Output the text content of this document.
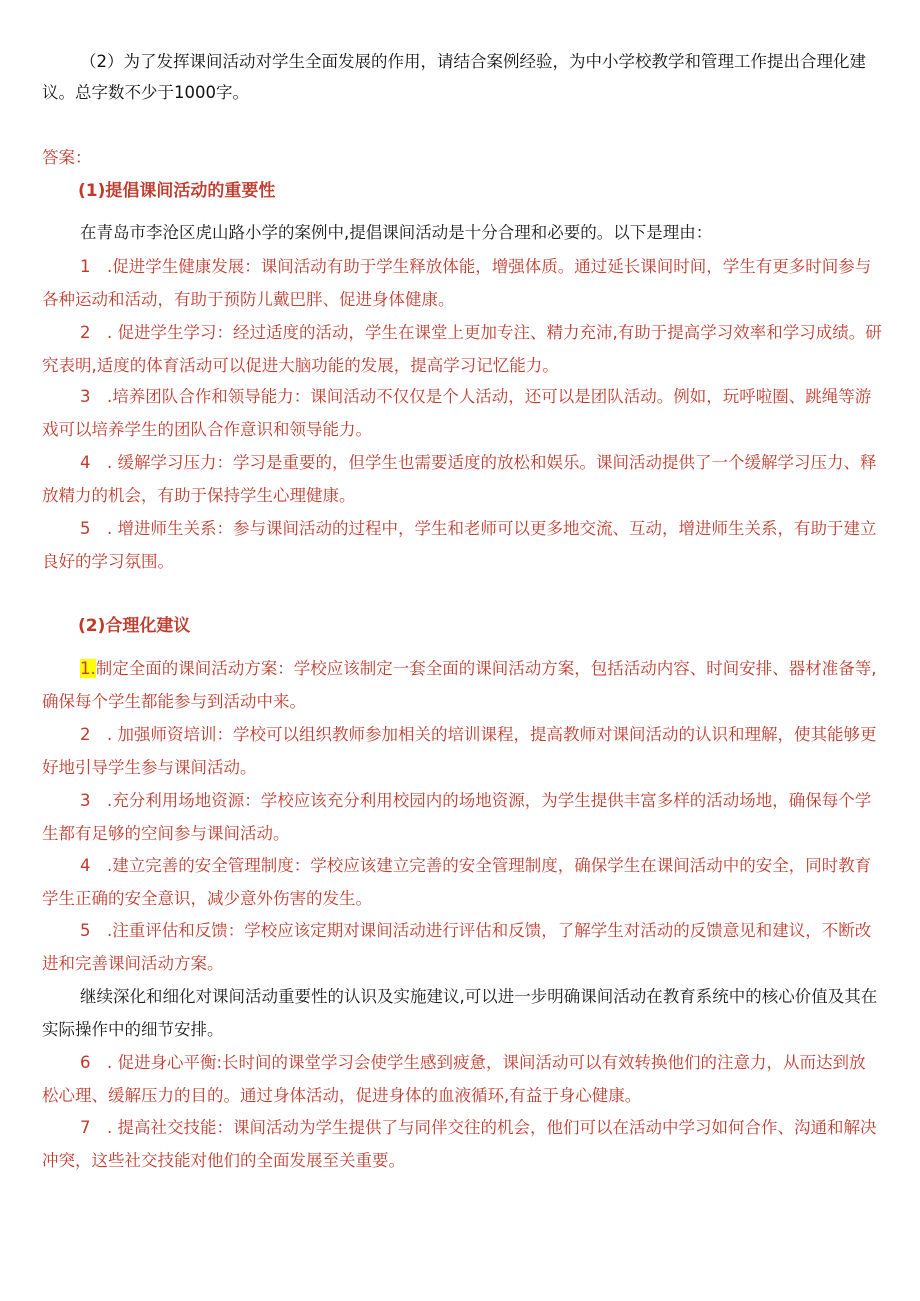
（2）为了发挥课间活动对学生全面发展的作用，请结合案例经验，为中小学校教学和管理工作提出合理化建议。总字数不少于1000字。
答案：
(1)提倡课间活动的重要性
在青岛市李沧区虎山路小学的案例中,提倡课间活动是十分合理和必要的。以下是理由：
1　.促进学生健康发展：课间活动有助于学生释放体能，增强体质。通过延长课间时间，学生有更多时间参与各种运动和活动，有助于预防儿戴巴胖、促进身体健康。
2　. 促进学生学习：经过适度的活动，学生在课堂上更加专注、精力充沛,有助于提高学习效率和学习成绩。研究表明,适度的体育活动可以促进大脑功能的发展，提高学习记忆能力。
3　.培养团队合作和领导能力：课间活动不仅仅是个人活动，还可以是团队活动。例如，玩呼啦圈、跳绳等游戏可以培养学生的团队合作意识和领导能力。
4　. 缓解学习压力：学习是重要的，但学生也需要适度的放松和娱乐。课间活动提供了一个缓解学习压力、释放精力的机会，有助于保持学生心理健康。
5　. 增进师生关系：参与课间活动的过程中，学生和老师可以更多地交流、互动，增进师生关系，有助于建立良好的学习氛围。
(2)合理化建议
1.制定全面的课间活动方案：学校应该制定一套全面的课间活动方案，包括活动内容、时间安排、器材准备等,确保每个学生都能参与到活动中来。
2　. 加强师资培训：学校可以组织教师参加相关的培训课程，提高教师对课间活动的认识和理解，使其能够更好地引导学生参与课间活动。
3　.充分利用场地资源：学校应该充分利用校园内的场地资源，为学生提供丰富多样的活动场地，确保每个学生都有足够的空间参与课间活动。
4　.建立完善的安全管理制度：学校应该建立完善的安全管理制度，确保学生在课间活动中的安全，同时教育学生正确的安全意识，减少意外伤害的发生。
5　.注重评估和反馈：学校应该定期对课间活动进行评估和反馈，了解学生对活动的反馈意见和建议，不断改进和完善课间活动方案。
继续深化和细化对课间活动重要性的认识及实施建议,可以进一步明确课间活动在教育系统中的核心价值及其在实际操作中的细节安排。
6　. 促进身心平衡:长时间的课堂学习会使学生感到疲惫，课间活动可以有效转换他们的注意力，从而达到放松心理、缓解压力的目的。通过身体活动，促进身体的血液循环,有益于身心健康。
7　. 提高社交技能：课间活动为学生提供了与同伴交往的机会，他们可以在活动中学习如何合作、沟通和解决冲突，这些社交技能对他们的全面发展至关重要。
